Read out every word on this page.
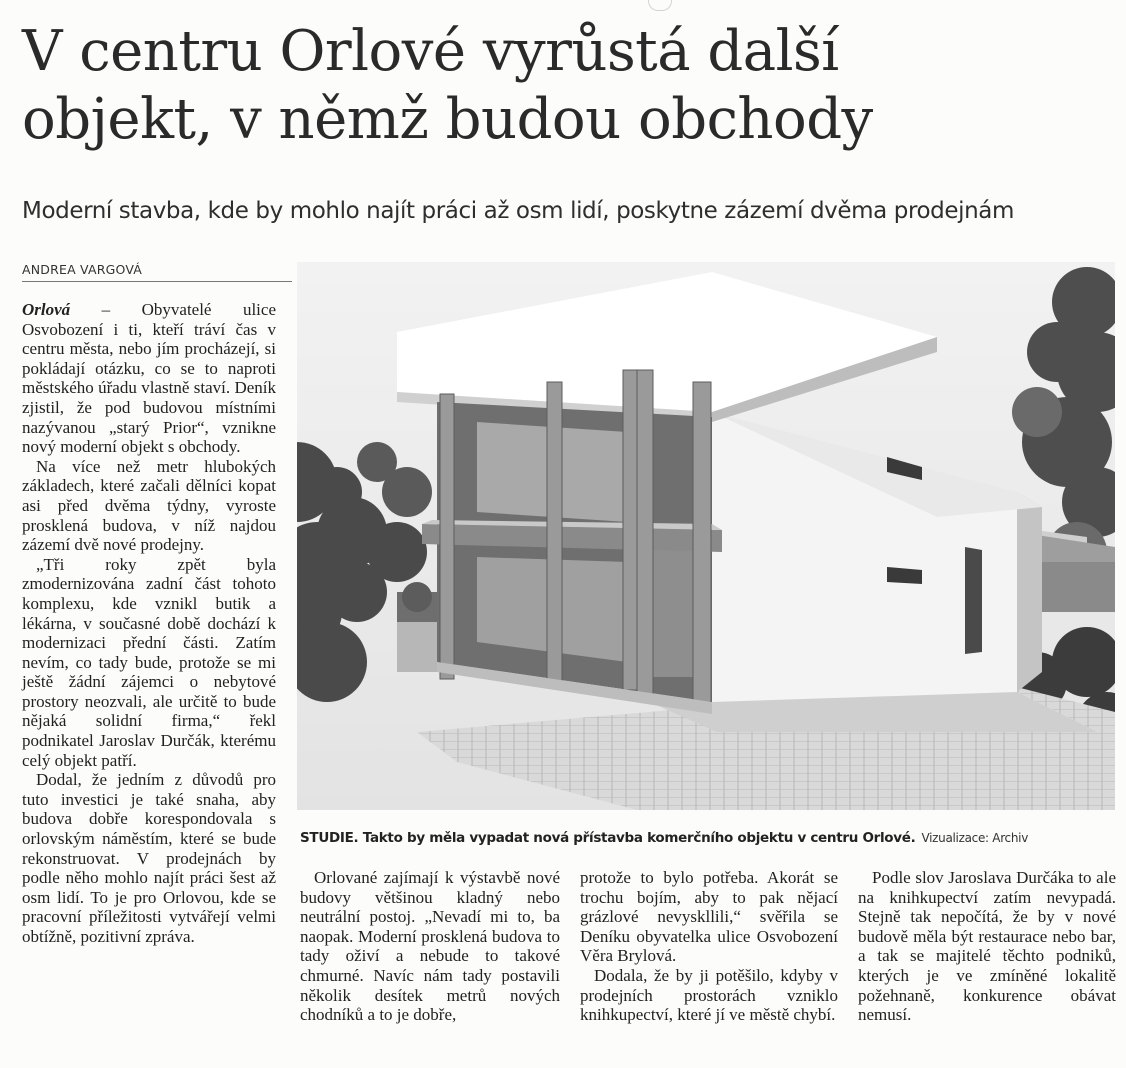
V centru Orlové vyrůstá další
objekt, v němž budou obchody
Moderní stavba, kde by mohlo najít práci až osm lidí, poskytne zázemí dvěma prodejnám
ANDREA VARGOVÁ

Orlová – Obyvatelé ulice Osvobození i ti, kteří tráví čas v centru města, nebo jím procházejí, si pokládají otázku, co se to naproti městského úřadu vlastně staví. Deník zjistil, že pod budovou místními nazývanou „starý Prior“, vznikne nový moderní objekt s obchody.

Na více než metr hlubokých základech, které začali dělníci kopat asi před dvěma týdny, vyroste prosklená budova, v níž najdou zázemí dvě nové prodejny.

„Tři roky zpět byla zmodernizována zadní část tohoto komplexu, kde vznikl butik a lékárna, v současné době dochází k modernizaci přední části. Zatím nevím, co tady bude, protože se mi ještě žádní zájemci o nebytové prostory neozvali, ale určitě to bude nějaká solidní firma,“ řekl podnikatel Jaroslav Durčák, kterému celý objekt patří.

Dodal, že jedním z důvodů pro tuto investici je také snaha, aby budova dobře korespondovala s orlovským náměstím, které se bude rekonstruovat. V prodejnách by podle něho mohlo najít práci šest až osm lidí. To je pro Orlovou, kde se pracovní příležitosti vytvářejí velmi obtížně, pozitivní zpráva.

Orlované zajímají k výstavbě nové budovy většinou kladný nebo neutrální postoj. „Nevadí mi to, ba naopak. Moderní prosklená budova to tady oživí a nebude to takové chmurné. Navíc nám tady postavili několik desítek metrů nových chodníků a to je dobře,

protože to bylo potřeba. Akorát se trochu bojím, aby to pak nějací grázlové nevyskllili,“ svěřila se Deníku obyvatelka ulice Osvobození Věra Brylová.

Dodala, že by ji potěšilo, kdyby v prodejních prostorách vzniklo knihkupectví, které jí ve městě chybí.

Podle slov Jaroslava Durčáka to ale na knihkupectví zatím nevypadá. Stejně tak nepočítá, že by v nové budově měla být restaurace nebo bar, a tak se majitelé těchto podniků, kterých je ve zmíněné lokalitě požehnaně, konkurence obávat nemusí.

STUDIE. Takto by měla vypadat nová přístavba komerčního objektu v centru Orlové. Vizualizace: Archiv
